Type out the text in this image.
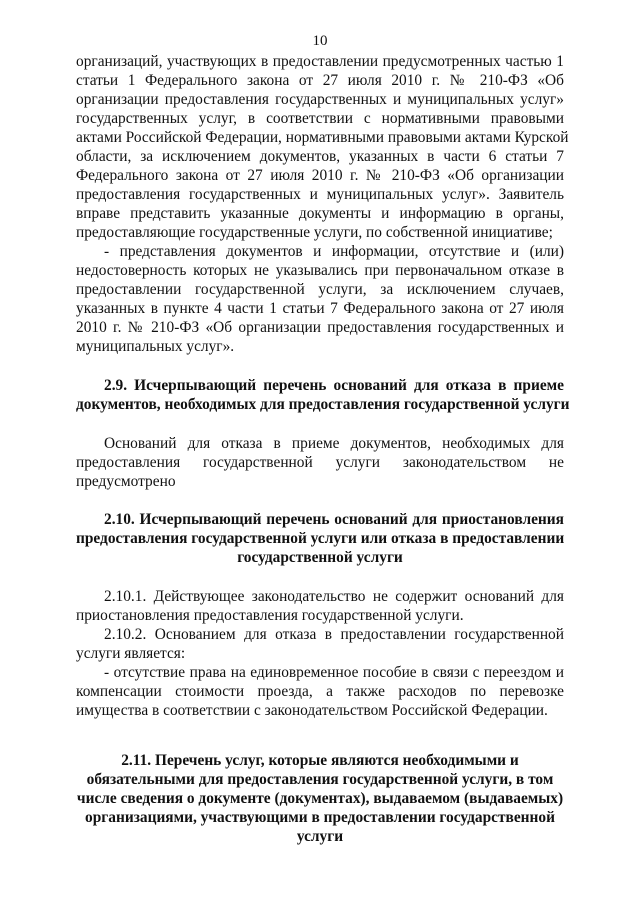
10
организаций, участвующих в предоставлении предусмотренных частью 1
статьи 1 Федерального закона от 27 июля 2010 г. № 210-ФЗ «Об
организации предоставления государственных и муниципальных услуг»
государственных услуг, в соответствии с нормативными правовыми
актами Российской Федерации, нормативными правовыми актами Курской
области, за исключением документов, указанных в части 6 статьи 7
Федерального закона от 27 июля 2010 г. № 210-ФЗ «Об организации
предоставления государственных и муниципальных услуг». Заявитель
вправе представить указанные документы и информацию в органы,
предоставляющие государственные услуги, по собственной инициативе;
- представления документов и информации, отсутствие и (или)
недостоверность которых не указывались при первоначальном отказе в
предоставлении государственной услуги, за исключением случаев,
указанных в пункте 4 части 1 статьи 7 Федерального закона от 27 июля
2010 г. № 210-ФЗ «Об организации предоставления государственных и
муниципальных услуг».
2.9. Исчерпывающий перечень оснований для отказа в приеме
документов, необходимых для предоставления государственной услуги
Оснований для отказа в приеме документов, необходимых для
предоставления государственной услуги законодательством не
предусмотрено
2.10. Исчерпывающий перечень оснований для приостановления
предоставления государственной услуги или отказа в предоставлении
государственной услуги
2.10.1. Действующее законодательство не содержит оснований для
приостановления предоставления государственной услуги.
2.10.2. Основанием для отказа в предоставлении государственной
услуги является:
- отсутствие права на единовременное пособие в связи с переездом и
компенсации стоимости проезда, а также расходов по перевозке
имущества в соответствии с законодательством Российской Федерации.
2.11. Перечень услуг, которые являются необходимыми и
обязательными для предоставления государственной услуги, в том
числе сведения о документе (документах), выдаваемом (выдаваемых)
организациями, участвующими в предоставлении государственной
услуги
